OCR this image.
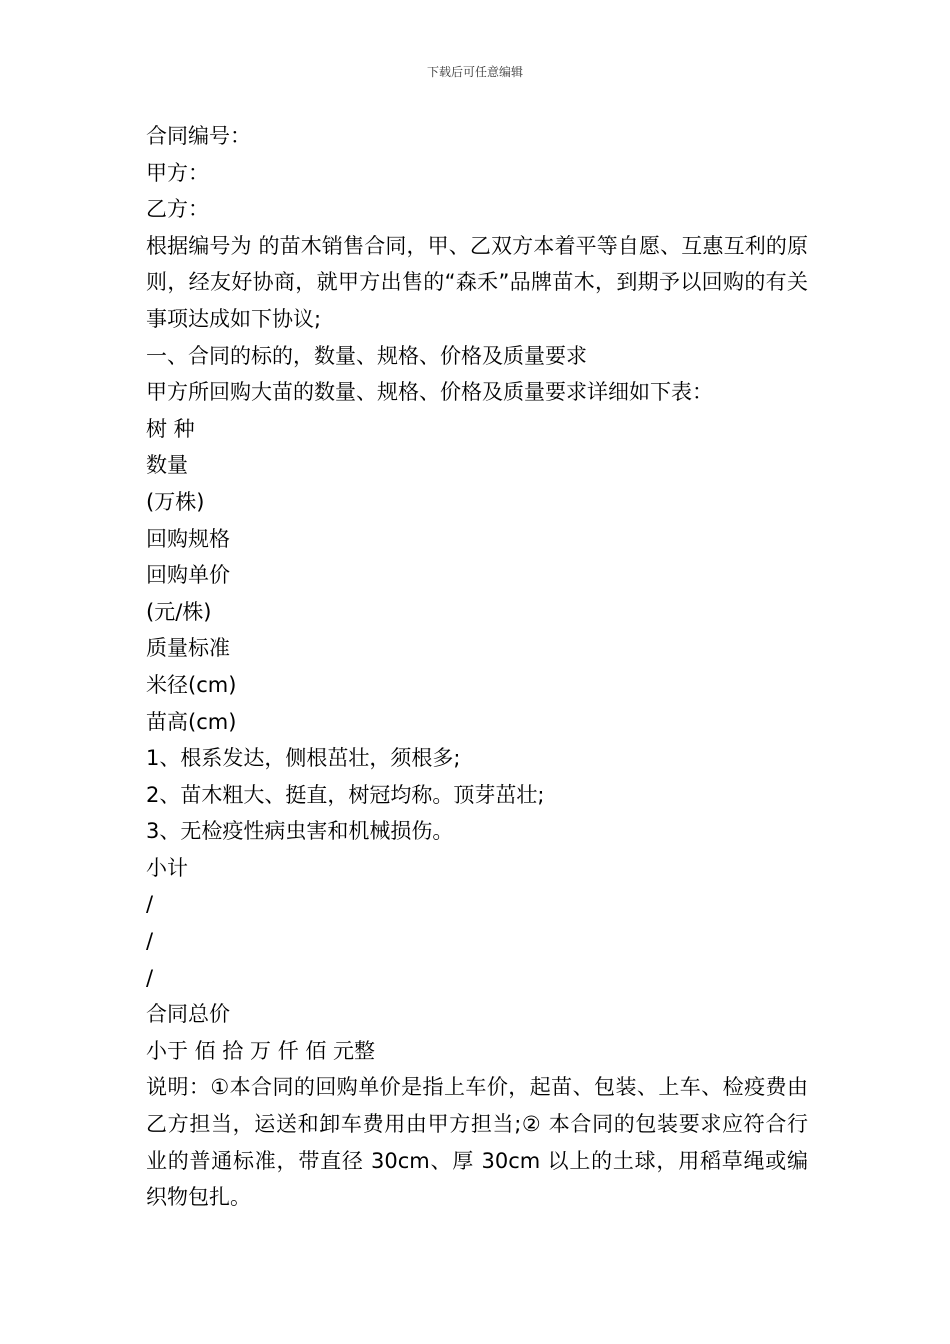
下载后可任意编辑
合同编号：
甲方：
乙方：
根据编号为 的苗木销售合同，甲、乙双方本着平等自愿、互惠互利的原则，经友好协商，就甲方出售的“森禾”品牌苗木，到期予以回购的有关事项达成如下协议;
一、合同的标的，数量、规格、价格及质量要求
甲方所回购大苗的数量、规格、价格及质量要求详细如下表：
树 种
数量
(万株)
回购规格
回购单价
(元/株)
质量标准
米径(cm)
苗高(cm)
1、根系发达，侧根茁壮，须根多;
2、苗木粗大、挺直，树冠均称。顶芽茁壮;
3、无检疫性病虫害和机械损伤。
小计
/
/
/
合同总价
小于 佰 拾 万 仟 佰 元整
说明：①本合同的回购单价是指上车价，起苗、包装、上车、检疫费由乙方担当，运送和卸车费用由甲方担当;② 本合同的包装要求应符合行业的普通标准，带直径 30cm、厚 30cm 以上的土球，用稻草绳或编织物包扎。
